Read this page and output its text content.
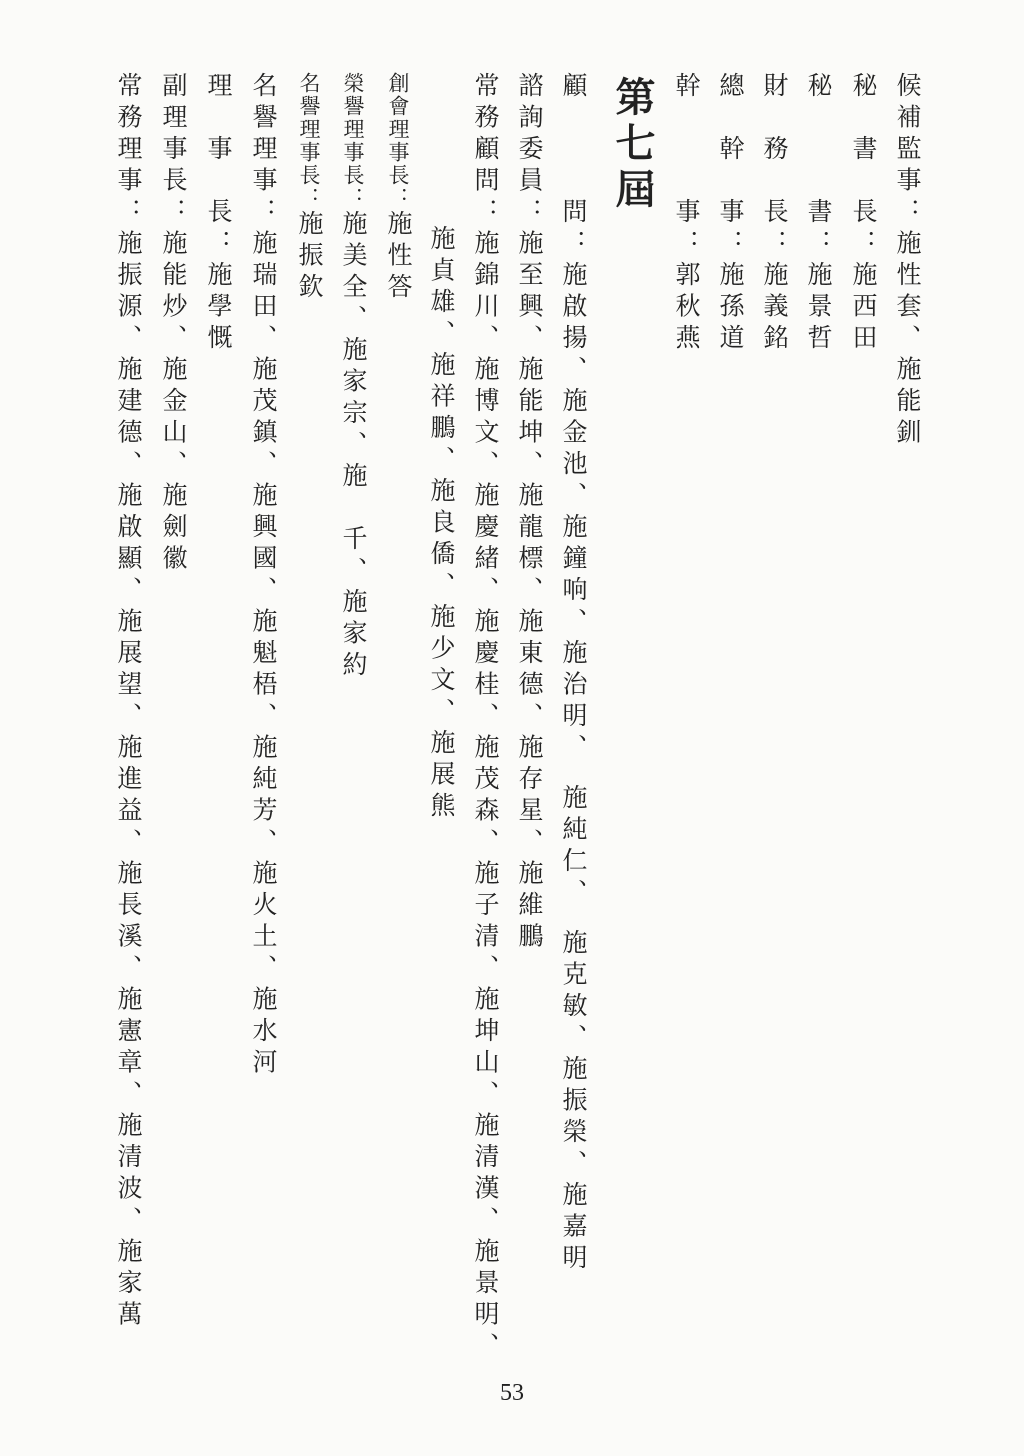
候補監事：施性套、施能釧
秘　書　長：施西田
秘　　　書：施景哲
財　務　長：施義銘
總　幹　事：施孫道
幹　　　事：郭秋燕
第七屆
顧　　　問：施啟揚、施金池、施鐘响、施治明、　施純仁、　施克敏、施振榮、施嘉明
諮詢委員：施至興、施能坤、施龍標、施東德、施存星、施維鵬
常務顧問：施錦川、施博文、施慶緒、施慶桂、施茂森、施子清、施坤山、施清漢、施景明、
施貞雄、施祥鵬、施良僑、施少文、施展熊
創會理事長：施性答
榮譽理事長：施美全、施家宗、施　千、施家約
名譽理事長：施振欽
名譽理事：施瑞田、施茂鎮、施興國、施魁梧、施純芳、施火土、施水河
理　事　長：施學慨
副理事長：施能炒、施金山、施劍徽
常務理事：施振源、施建德、施啟顯、施展望、施進益、施長溪、施憲章、施清波、施家萬
53
